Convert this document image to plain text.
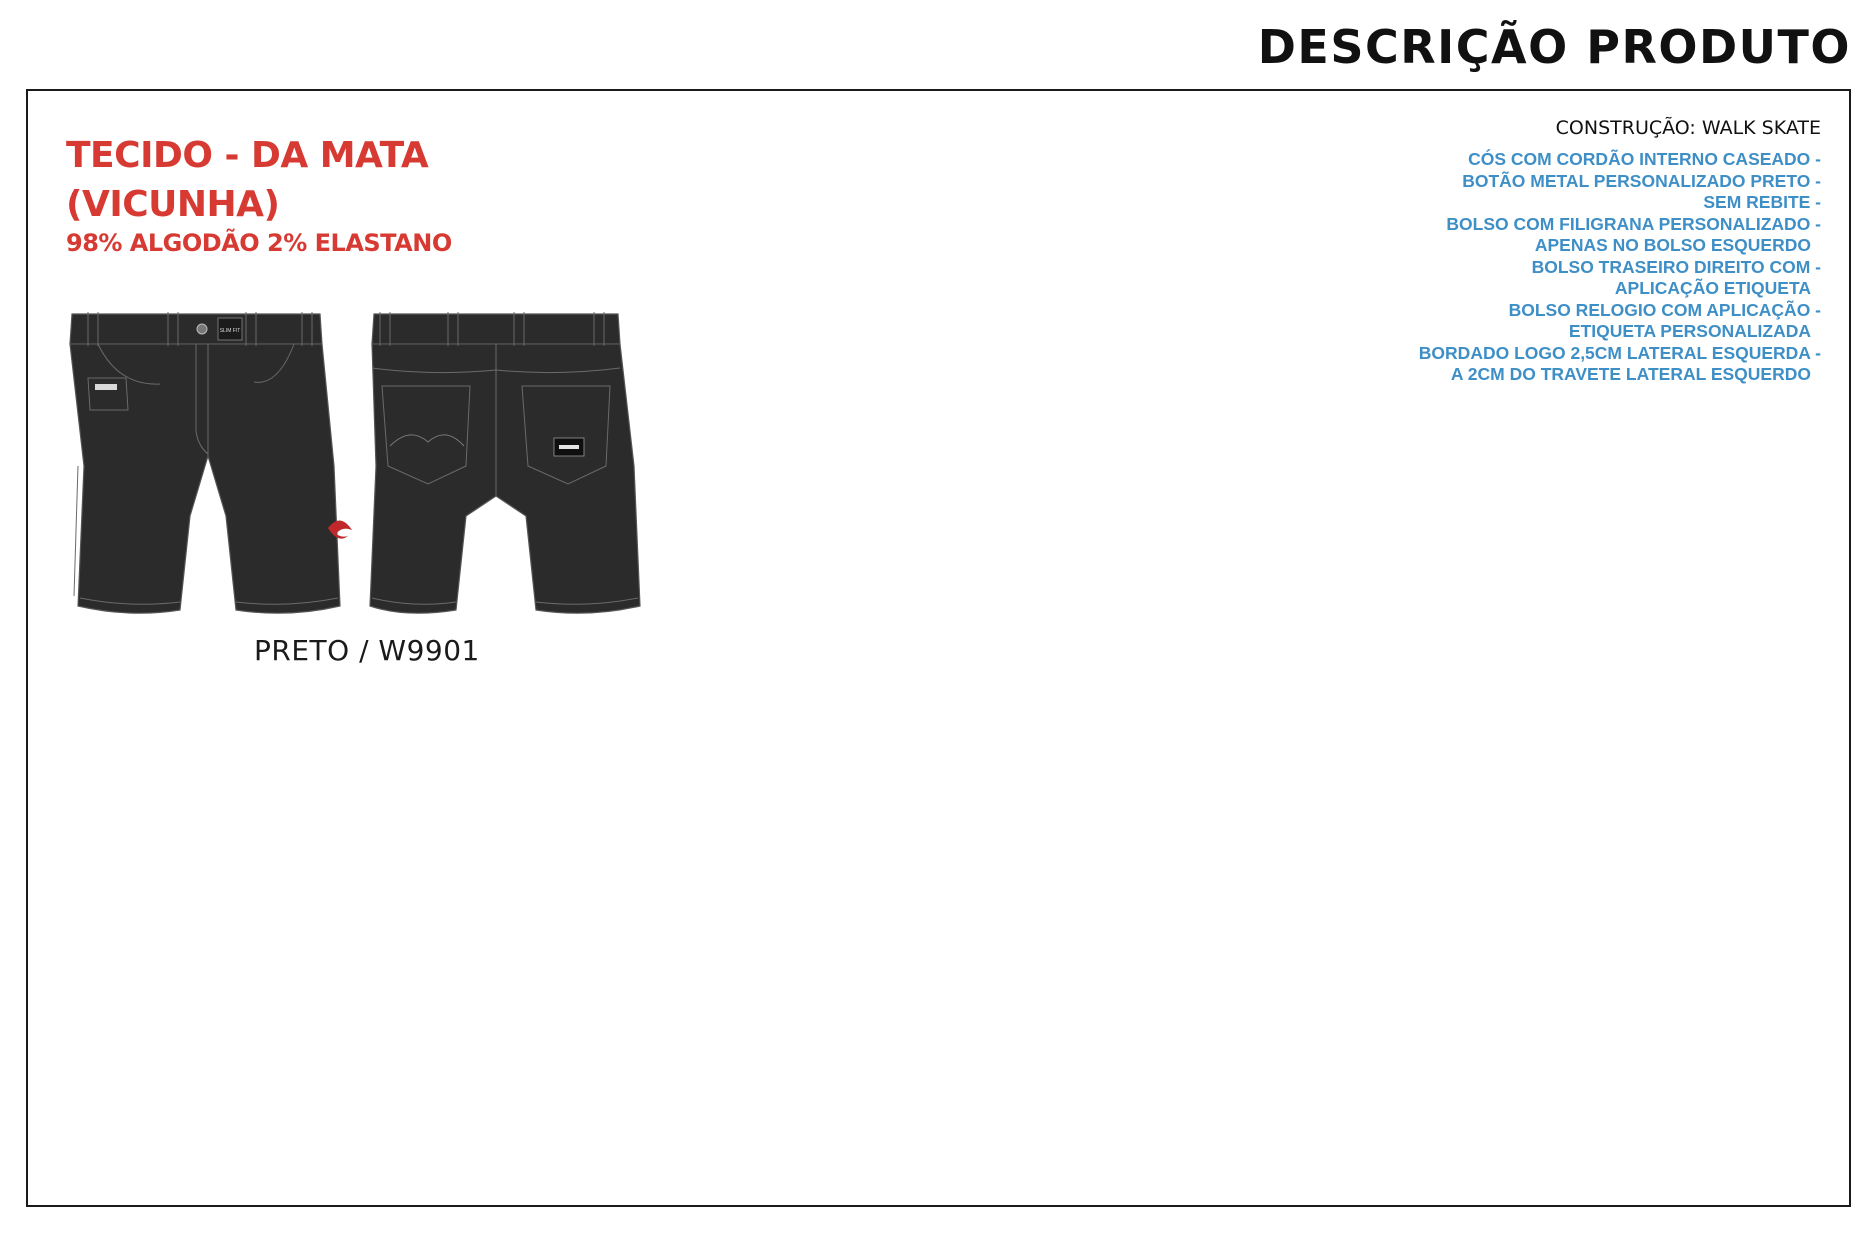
DESCRIÇÃO PRODUTO
TECIDO - DA MATA
(VICUNHA)
98% ALGODÃO 2% ELASTANO
CONSTRUÇÃO: WALK SKATE
CÓS COM CORDÃO INTERNO CASEADO -
BOTÃO METAL PERSONALIZADO PRETO -
SEM REBITE -
BOLSO COM FILIGRANA PERSONALIZADO -
APENAS NO BOLSO ESQUERDO
BOLSO TRASEIRO DIREITO COM -
APLICAÇÃO ETIQUETA
BOLSO RELOGIO COM APLICAÇÃO -
ETIQUETA PERSONALIZADA
BORDADO LOGO 2,5CM LATERAL ESQUERDA -
A 2CM DO TRAVETE LATERAL ESQUERDO
SLIM FIT
PRETO / W9901
